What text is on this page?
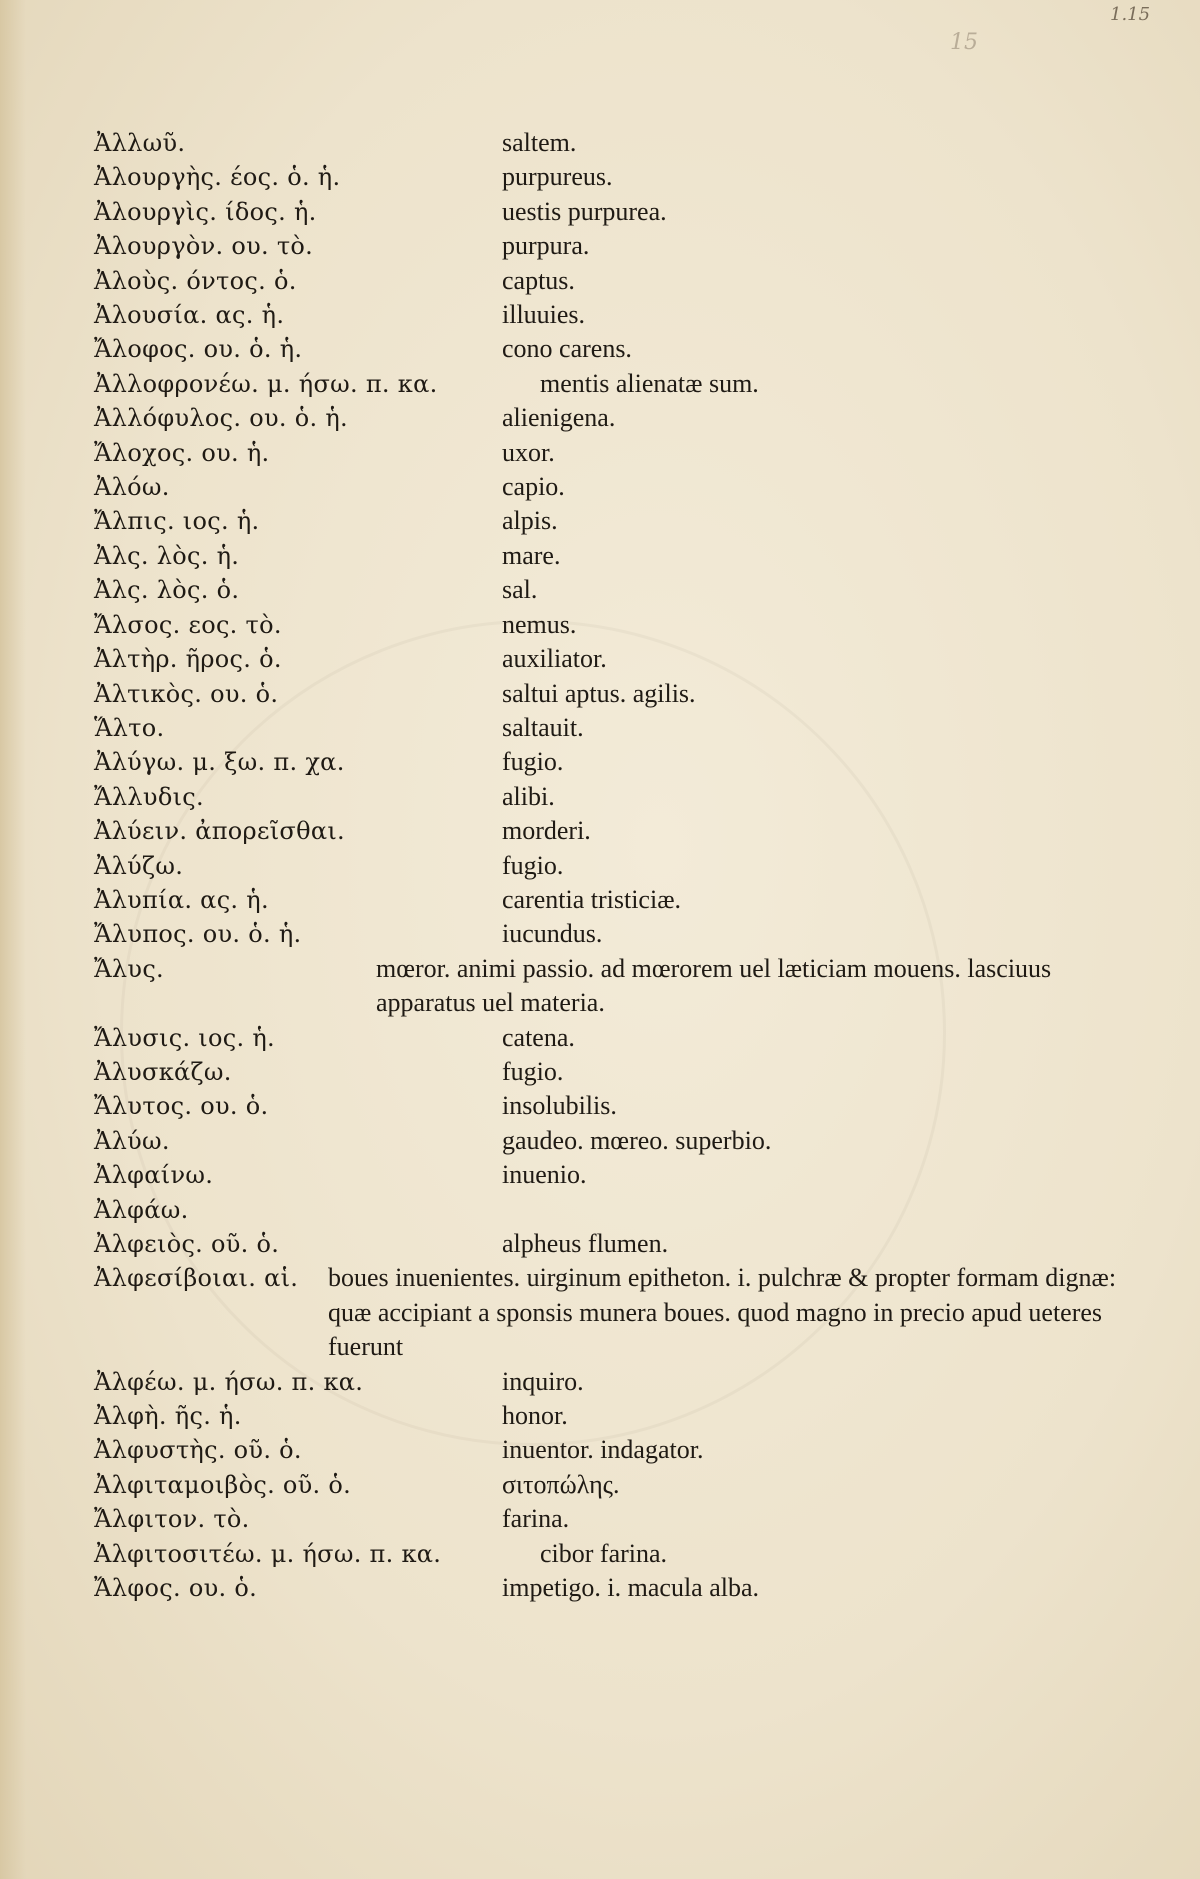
1.15
15
Ἀλλωῦ.	saltem.
Ἀλουργὴς. έος. ὁ. ἡ.	purpureus.
Ἀλουργὶς. ίδος. ἡ.	uestis purpurea.
Ἀλουργὸν. ου. τὸ.	purpura.
Ἀλοὺς. όντος. ὁ.	captus.
Ἀλουσία. ας. ἡ.	illuuies.
Ἄλοφος. ου. ὁ. ἡ.	cono carens.
Ἀλλοφρονέω. μ. ήσω. π. κα.	mentis alienatæ sum.
Ἀλλόφυλος. ου. ὁ. ἡ.	alienigena.
Ἄλοχος. ου. ἡ.	uxor.
Ἀλόω.	capio.
Ἄλπις. ιος. ἡ.	alpis.
Ἀλς. λὸς. ἡ.	mare.
Ἀλς. λὸς. ὁ.	sal.
Ἄλσος. εος. τὸ.	nemus.
Ἀλτὴρ. ῆρος. ὁ.	auxiliator.
Ἀλτικὸς. ου. ὁ.	saltui aptus. agilis.
Ἅλτο.	saltauit.
Ἀλύγω. μ. ξω. π. χα.	fugio.
Ἄλλυδις.	alibi.
Ἀλύειν. ἀπορεῖσθαι.	morderi.
Ἀλύζω.	fugio.
Ἀλυπία. ας. ἡ.	carentia tristiciæ.
Ἄλυπος. ου. ὁ. ἡ.	iucundus.
Ἄλυς.	mœror. animi passio. ad mœrorem uel læticiam mouens. lasciuus apparatus uel materia.
Ἄλυσις. ιος. ἡ.	catena.
Ἀλυσκάζω.	fugio.
Ἄλυτος. ου. ὁ.	insolubilis.
Ἀλύω.	gaudeo. mœreo. superbio.
Ἀλφαίνω.	inuenio.
Ἀλφάω.
Ἀλφειὸς. οῦ. ὁ.	alpheus flumen.
Ἀλφεσίβοιαι. αἱ. boues inuenientes. uirginum epitheton. i. pulchræ & propter formam dignæ: quæ accipiant a sponsis munera boues. quod magno in precio apud ueteres fuerunt
Ἀλφέω. μ. ήσω. π. κα.	inquiro.
Ἀλφὴ. ῆς. ἡ.	honor.
Ἀλφυστὴς. οῦ. ὁ.	inuentor. indagator.
Ἀλφιταμοιβὸς. οῦ. ὁ.	σιτοπώλης.
Ἄλφιτον. τὸ.	farina.
Ἀλφιτοσιτέω. μ. ήσω. π. κα.	cibor farina.
Ἄλφος. ου. ὁ.	impetigo. i. macula alba.
